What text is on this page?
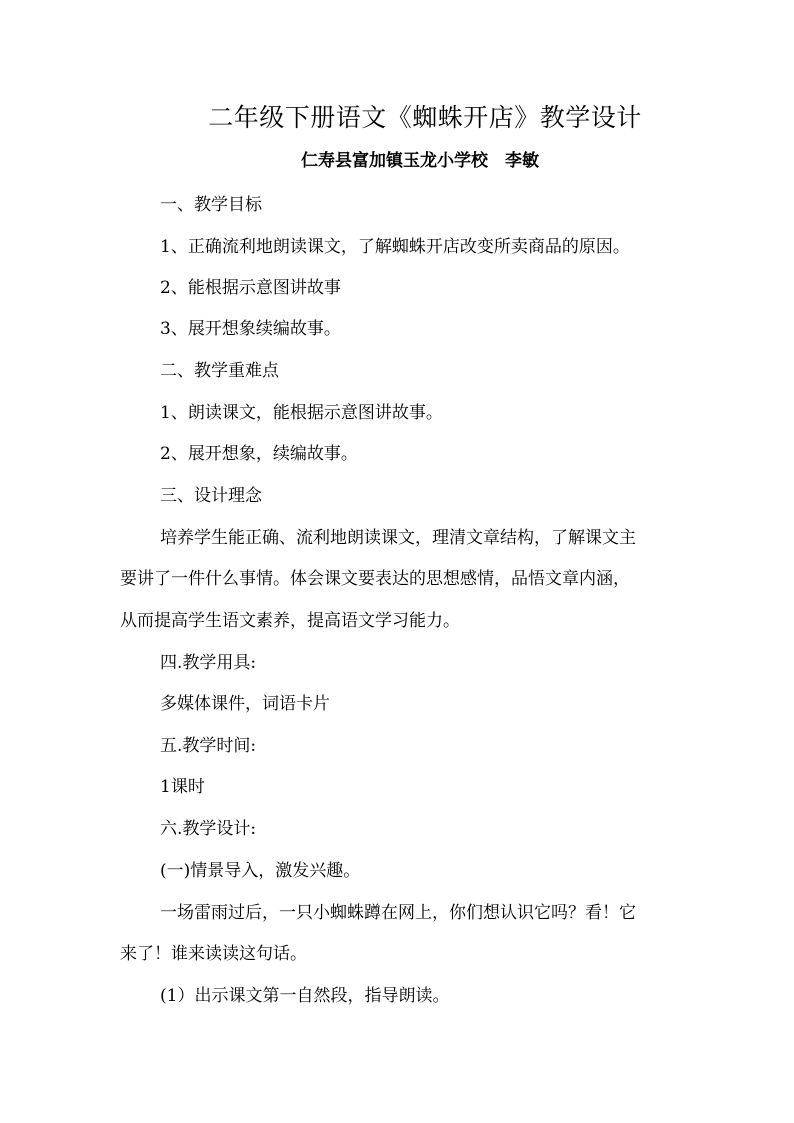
二年级下册语文《蜘蛛开店》教学设计
仁寿县富加镇玉龙小学校　李敏
一、教学目标
1、正确流利地朗读课文，了解蜘蛛开店改变所卖商品的原因。
2、能根据示意图讲故事
3、展开想象续编故事。
二、教学重难点
1、朗读课文，能根据示意图讲故事。
2、展开想象，续编故事。
三、设计理念
培养学生能正确、流利地朗读课文，理清文章结构，了解课文主
要讲了一件什么事情。体会课文要表达的思想感情，品悟文章内涵，
从而提高学生语文素养，提高语文学习能力。
四.教学用具:
多媒体课件，词语卡片
五.教学时间:
1课时
六.教学设计:
(一)情景导入，激发兴趣。
一场雷雨过后，一只小蜘蛛蹲在网上，你们想认识它吗？看！它
来了！谁来读读这句话。
(1）出示课文第一自然段，指导朗读。
